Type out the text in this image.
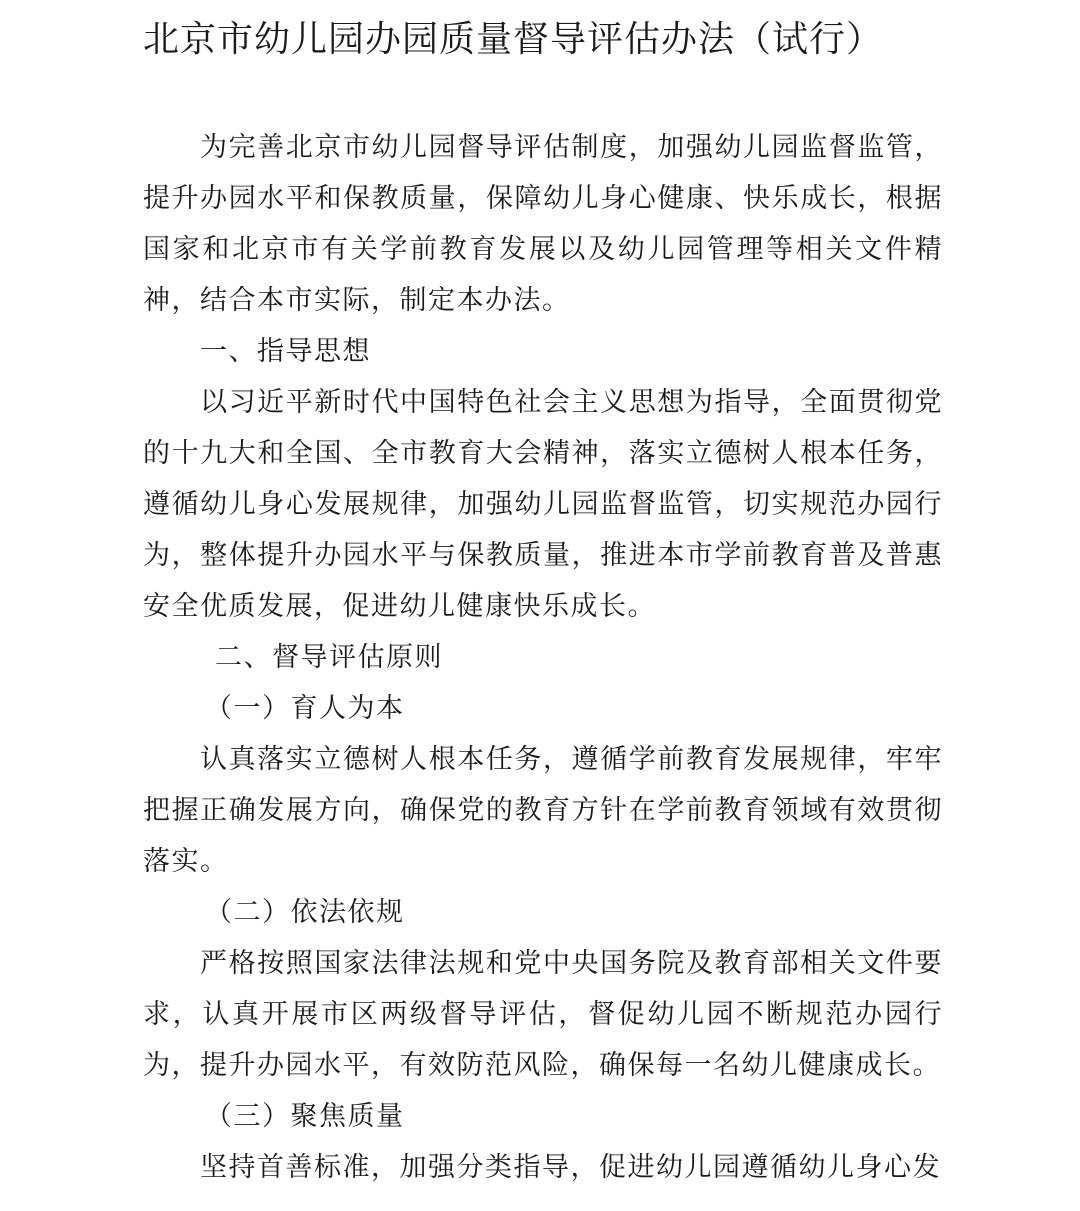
北京市幼儿园办园质量督导评估办法（试行）

为完善北京市幼儿园督导评估制度，加强幼儿园监督监管，提升办园水平和保教质量，保障幼儿身心健康、快乐成长，根据国家和北京市有关学前教育发展以及幼儿园管理等相关文件精神，结合本市实际，制定本办法。

一、指导思想

以习近平新时代中国特色社会主义思想为指导，全面贯彻党的十九大和全国、全市教育大会精神，落实立德树人根本任务，遵循幼儿身心发展规律，加强幼儿园监督监管，切实规范办园行为，整体提升办园水平与保教质量，推进本市学前教育普及普惠安全优质发展，促进幼儿健康快乐成长。

二、督导评估原则

（一）育人为本

认真落实立德树人根本任务，遵循学前教育发展规律，牢牢把握正确发展方向，确保党的教育方针在学前教育领域有效贯彻落实。

（二）依法依规

严格按照国家法律法规和党中央国务院及教育部相关文件要求，认真开展市区两级督导评估，督促幼儿园不断规范办园行为，提升办园水平，有效防范风险，确保每一名幼儿健康成长。

（三）聚焦质量

坚持首善标准，加强分类指导，促进幼儿园遵循幼儿身心发
